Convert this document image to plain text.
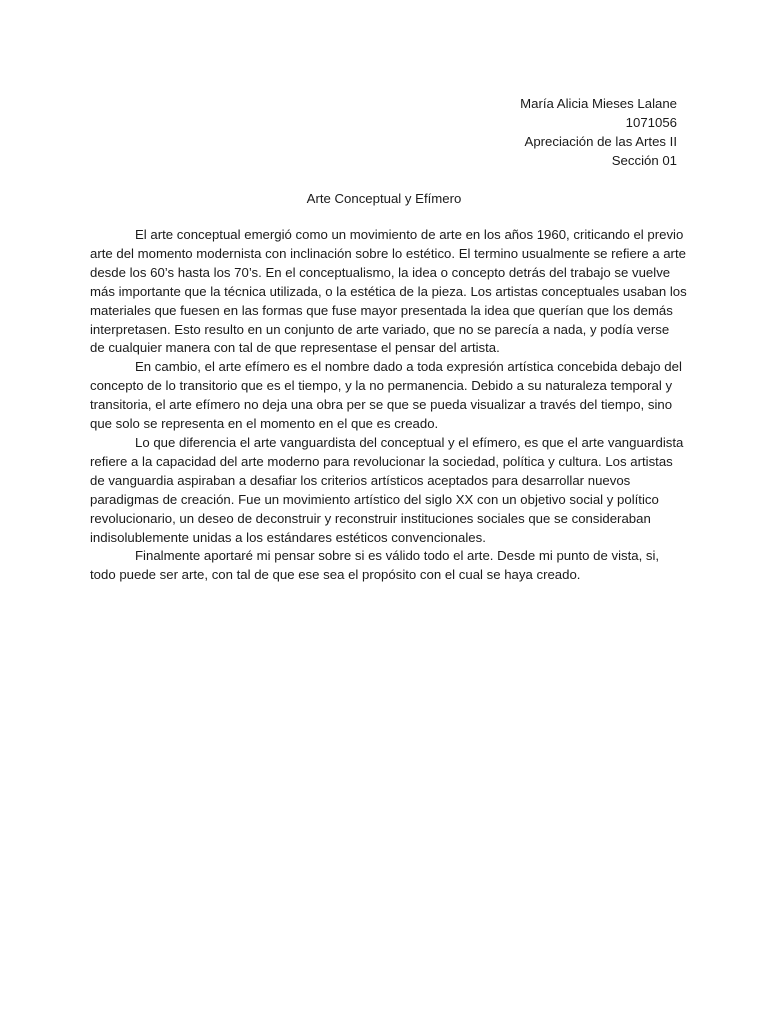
María Alicia Mieses Lalane
1071056
Apreciación de las Artes II
Sección 01
Arte Conceptual y Efímero

El arte conceptual emergió como un movimiento de arte en los años 1960, criticando el previo arte del momento modernista con inclinación sobre lo estético. El termino usualmente se refiere a arte desde los 60’s hasta los 70’s. En el conceptualismo, la idea o concepto detrás del trabajo se vuelve más importante que la técnica utilizada, o la estética de la pieza. Los artistas conceptuales usaban los materiales que fuesen en las formas que fuse mayor presentada la idea que querían que los demás interpretasen. Esto resulto en un conjunto de arte variado, que no se parecía a nada, y podía verse de cualquier manera con tal de que representase el pensar del artista.

En cambio, el arte efímero es el nombre dado a toda expresión artística concebida debajo del concepto de lo transitorio que es el tiempo, y la no permanencia. Debido a su naturaleza temporal y transitoria, el arte efímero no deja una obra per se que se pueda visualizar a través del tiempo, sino que solo se representa en el momento en el que es creado.

Lo que diferencia el arte vanguardista del conceptual y el efímero, es que el arte vanguardista refiere a la capacidad del arte moderno para revolucionar la sociedad, política y cultura. Los artistas de vanguardia aspiraban a desafiar los criterios artísticos aceptados para desarrollar nuevos paradigmas de creación. Fue un movimiento artístico del siglo XX con un objetivo social y político revolucionario, un deseo de deconstruir y reconstruir instituciones sociales que se consideraban indisolublemente unidas a los estándares estéticos convencionales.

Finalmente aportaré mi pensar sobre si es válido todo el arte. Desde mi punto de vista, si, todo puede ser arte, con tal de que ese sea el propósito con el cual se haya creado.
